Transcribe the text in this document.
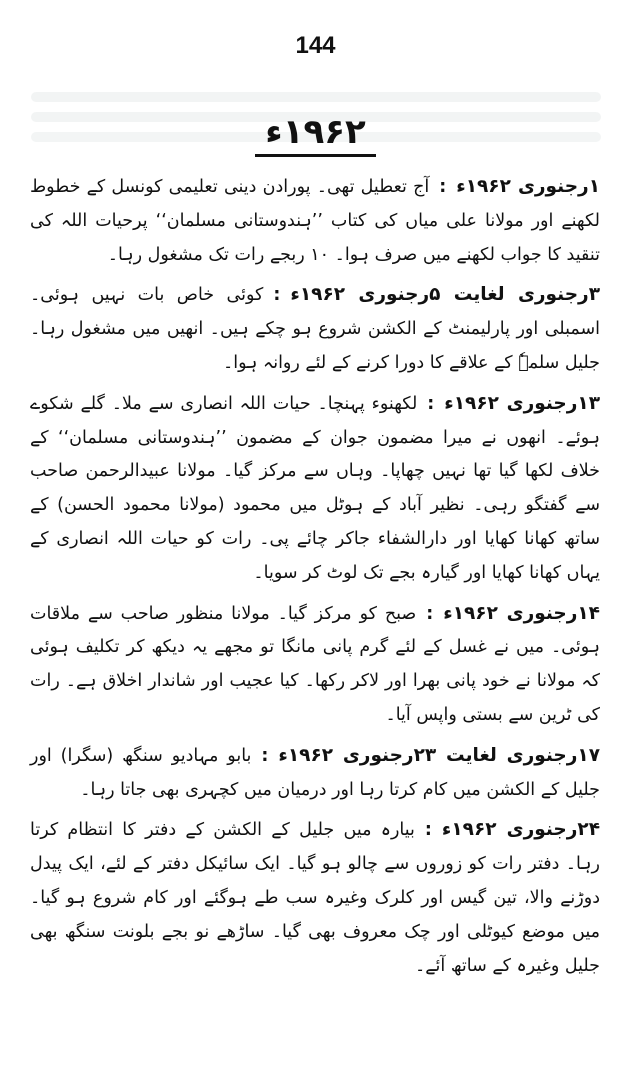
144
۱۹۶۲ء

۱رجنوری ۱۹۶۲ء:آج تعطیل تھی۔ پورادن دینی تعلیمی کونسل کے خطوط لکھنے اور مولانا علی میاں کی کتاب ’’ہندوستانی مسلمان‘‘ پرحیات اللہ کی تنقید کا جواب لکھنے میں صرف ہوا۔ ۱۰ ربجے رات تک مشغول رہا۔

۳رجنوری لغایت ۵رجنوری ۱۹۶۲ء:کوئی خاص بات نہیں ہوئی۔ اسمبلی اور پارلیمنٹ کے الکشن شروع ہو چکے ہیں۔ انھیں میں مشغول رہا۔ جلیل سلمہٗ کے علاقے کا دورا کرنے کے لئے روانہ ہوا۔

۱۳رجنوری ۱۹۶۲ء:لکھنوء پہنچا۔ حیات اللہ انصاری سے ملا۔ گلے شکوے ہوئے۔ انھوں نے میرا مضمون جوان کے مضمون ’’ہندوستانی مسلمان‘‘ کے خلاف لکھا گیا تھا نہیں چھاپا۔ وہاں سے مرکز گیا۔ مولانا عبیدالرحمن صاحب سے گفتگو رہی۔ نظیر آباد کے ہوٹل میں محمود (مولانا محمود الحسن) کے ساتھ کھانا کھایا اور دارالشفاء جاکر چائے پی۔ رات کو حیات اللہ انصاری کے یہاں کھانا کھایا اور گیارہ بجے تک لوٹ کر سویا۔

۱۴رجنوری ۱۹۶۲ء:صبح کو مرکز گیا۔ مولانا منظور صاحب سے ملاقات ہوئی۔ میں نے غسل کے لئے گرم پانی مانگا تو مجھے یہ دیکھ کر تکلیف ہوئی کہ مولانا نے خود پانی بھرا اور لاکر رکھا۔ کیا عجیب اور شاندار اخلاق ہے۔ رات کی ٹرین سے بستی واپس آیا۔

۱۷رجنوری لغایت ۲۳رجنوری ۱۹۶۲ء:بابو مہادیو سنگھ (سگرا) اور جلیل کے الکشن میں کام کرتا رہا اور درمیان میں کچہری بھی جاتا رہا۔

۲۴رجنوری ۱۹۶۲ء:بیارہ میں جلیل کے الکشن کے دفتر کا انتظام کرتا رہا۔ دفتر رات کو زوروں سے چالو ہو گیا۔ ایک سائیکل دفتر کے لئے، ایک پیدل دوڑنے والا، تین گیس اور کلرک وغیرہ سب طے ہوگئے اور کام شروع ہو گیا۔ میں موضع کیوٹلی اور چک معروف بھی گیا۔ ساڑھے نو بجے بلونت سنگھ بھی جلیل وغیرہ کے ساتھ آئے۔
